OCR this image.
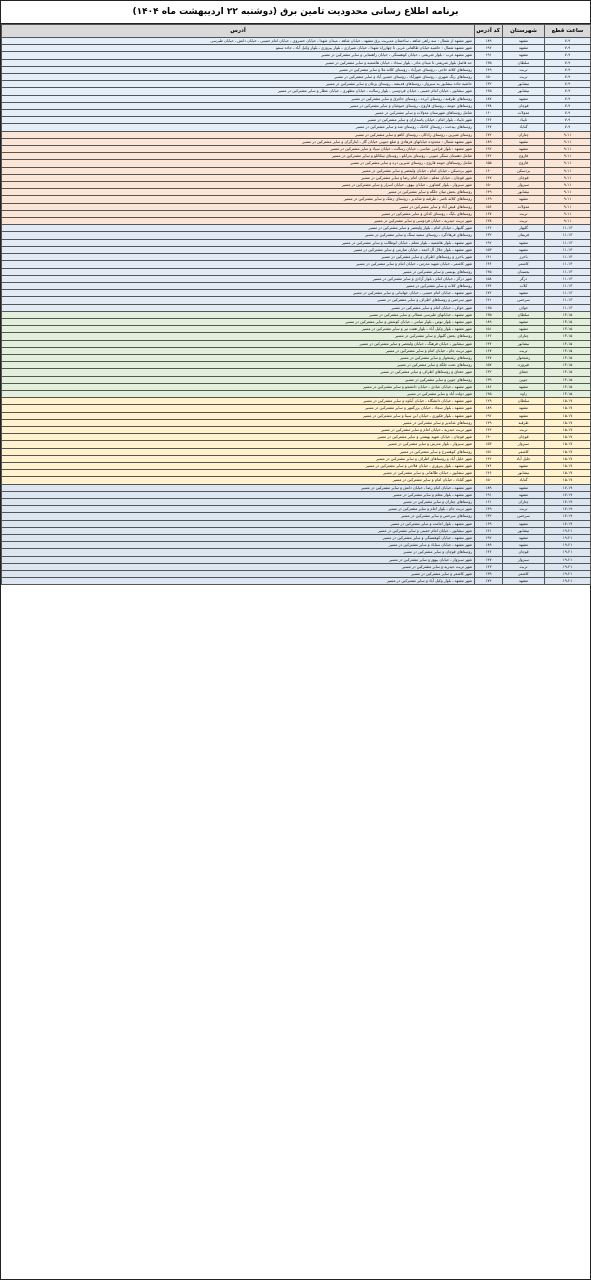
برنامه اطلاع رسانی محدودیت تامین برق (دوشنبه ۲۲ اردیبهشت ماه ۱۴۰۴)
ساعت قطع	شهرستان	کد آدرس	آدرس
۷-۹	مشهد	۱۸۹	شهر مشهد از شمال : سه راهی شاهد ـ ساختمان مدیریت برق مشهد ـ خیابان شاهد ـ میدان شهدا ـ خیابان خسروی ـ خیابان امام خمینی ـ خیابان دانش ـ خیابان طبرسی
۷-۹	مشهد	۱۹۲	شهر مشهد شمال : حاشیه خیابان طالقانی غربی تا چهارراه شهدا ـ خیابان شیرازی ـ بلوار پیروزی ـ بلوار وکیل آباد ـ جاده سنتو
۷-۹	مشهد	۱۹۱	شهر مشهد غرب : بلوار شریعتی ـ خیابان کوهسنگی ـ خیابان راهنمایی و سایر مشترکین در مسیر
۷-۹	سلطان	۱۳۵	حد فاصل بلوار شریعتی تا میدان مادر ـ بلوار سجاد ـ خیابان هاشمیه و سایر مشترکین در مسیر
۷-۹	تربت	۱۴۹	روستاهای کلاته حاجی ـ روستای خیرآباد ـ روستای کلاته ملا و سایر مشترکین در مسیر
۷-۹	تربت	۱۵۰	روستاهای زنگ شهری ـ روستای شهرآباد ـ روستای حسین آباد و سایر مشترکین در مسیر
۷-۹	نیشابور	۱۳۲	حاشیه جاده نیشابور به سبزوار ـ روستاهای فدیشه ـ روستای بزغان و سایر مشترکین در مسیر
۷-۹	نیشابور	۱۴۵	شهر نیشابور ـ خیابان امام خمینی ـ خیابان فردوسی ـ بلوار رسالت ـ خیابان مطهری ـ خیابان عطار و سایر مشترکین در مسیر
۷-۹	مشهد	۱۸۷	روستاهای طرقبه ـ روستای ابرده ـ روستای جاغرق و سایر مشترکین در مسیر
۷-۹	قوچان	۱۳۸	روستاهای حومه ـ روستای فاروج ـ روستای خبوشان و سایر مشترکین در مسیر
۷-۹	مه‌ولات	۱۶۰	شامل روستاهای شهرستان مه‌ولات و سایر مشترکین در مسیر
۷-۹	تایباد	۱۳۶	شهر تایباد ـ بلوار امام ـ خیابان پاسداران و سایر مشترکین در مسیر
۷-۹	گناباد	۱۴۷	روستاهای بیدخت ـ روستای کاخک ـ روستای مند و سایر مشترکین در مسیر
۹-۱۱	چناران	۱۷۲	روستای شیرین ـ روستای رادکان ـ روستای کاهو و سایر مشترکین در مسیر
۹-۱۱	مشهد	۱۸۹	شهر مشهد شمال : محدوده خیابانهای فرهادی و ضلع جنوبی خیابان گاز ـ ایثارگران و سایر مشترکین در مسیر
۹-۱۱	مشهد	۱۹۲	شهر مشهد : بلوار فرامرز عباسی ـ خیابان رسالت ـ خیابان سپاد و سایر مشترکین در مسیر
۹-۱۱	فاروج	۱۴۲	شامل دهستان سنگر جنوبی ـ روستای بدرانلو ـ روستای تیتکانلو و سایر مشترکین در مسیر
۹-۱۱	فاروج	۱۵۵	شامل روستاهای حومه فاروج ـ روستای شیرین دره و سایر مشترکین در مسیر
۹-۱۱	بردسکن	۱۶۰	شهر بردسکن ـ خیابان امام ـ خیابان ولیعصر و سایر مشترکین در مسیر
۹-۱۱	قوچان	۱۴۷	شهر قوچان ـ خیابان معلم ـ خیابان امام رضا و سایر مشترکین در مسیر
۹-۱۱	سبزوار	۱۵۰	شهر سبزوار ـ بلوار کشاورز ـ خیابان بیهق ـ خیابان اسرار و سایر مشترکین در مسیر
۹-۱۱	نیشابور	۱۴۹	روستاهای بخش میان جلگه و سایر مشترکین در مسیر
۹-۱۱	مشهد	۱۶۹	روستاهای کلاته ناصر ـ طرقبه و شاندیز ـ روستای زشک و سایر مشترکین در مسیر
۹-۱۱	مه‌ولات	۱۵۶	روستاهای فیض آباد و سایر مشترکین در مسیر
۹-۱۱	تربت	۱۶۷	روستاهای بایگ ـ روستای کدکن و سایر مشترکین در مسیر
۹-۱۱	تربت	۱۳۸	شهر تربت حیدریه ـ خیابان فردوسی و سایر مشترکین در مسیر
۱۱-۱۳	گلبهار	۱۶۲	شهر گلبهار ـ خیابان امام ـ بلوار ولیعصر و سایر مشترکین در مسیر
۱۱-۱۳	فریمان	۱۳۲	روستاهای فرهادگرد ـ روستای سفید سنگ و سایر مشترکین در مسیر
۱۱-۱۳	مشهد	۱۹۲	شهر مشهد ـ بلوار هاشمیه ـ بلوار معلم ـ خیابان ابوطالب و سایر مشترکین در مسیر
۱۱-۱۳	مشهد	۱۵۳	شهر مشهد ـ بلوار جلال آل احمد ـ خیابان صارمی و سایر مشترکین در مسیر
۱۱-۱۳	باخرز	۱۴۱	شهر باخرز و روستاهای اطراف و سایر مشترکین در مسیر
۱۱-۱۳	کاشمر	۱۳۶	شهر کاشمر ـ خیابان شهید مدرس ـ خیابان امام و سایر مشترکین در مسیر
۱۱-۱۳	بجستان	۱۴۵	روستاهای یونسی و سایر مشترکین در مسیر
۱۱-۱۳	درگز	۱۵۸	شهر درگز ـ خیابان امام ـ بلوار آزادی و سایر مشترکین در مسیر
۱۱-۱۳	کلات	۱۳۴	روستاهای کلات و سایر مشترکین در مسیر
۱۱-۱۳	مشهد	۱۷۲	شهر مشهد ـ خیابان امام خمینی ـ خیابان جهانبانی و سایر مشترکین در مسیر
۱۱-۱۳	سرخس	۱۴۱	شهر سرخس و روستاهای اطراف و سایر مشترکین در مسیر
۱۱-۱۳	خواف	۱۶۵	شهر خواف ـ خیابان امام و سایر مشترکین در مسیر
۱۳-۱۵	سلطان	۱۳۵	شهر مشهد ـ خیابانهای طبرسی شمالی و سایر مشترکین در مسیر
۱۳-۱۵	مشهد	۱۸۹	شهر مشهد ـ بلوار توس ـ بلوار میامی ـ خیابان کوشش و سایر مشترکین در مسیر
۱۳-۱۵	مشهد	۱۵۱	شهر مشهد ـ بلوار وکیل آباد ـ بلوار هفت تیر و سایر مشترکین در مسیر
۱۳-۱۵	چناران	۱۶۲	روستاهای بخش گلبهار و سایر مشترکین در مسیر
۱۳-۱۵	نیشابور	۱۴۴	شهر نیشابور ـ خیابان فرهنگ ـ خیابان ولیعصر و سایر مشترکین در مسیر
۱۳-۱۵	تربت	۱۶۷	شهر تربت جام ـ خیابان امام و سایر مشترکین در مسیر
۱۳-۱۵	رشتخوار	۱۴۷	روستاهای رشتخوار و سایر مشترکین در مسیر
۱۳-۱۵	فیروزه	۱۵۷	روستاهای تخت جلگه و سایر مشترکین در مسیر
۱۳-۱۵	جغتای	۱۳۲	شهر جغتای و روستاهای اطراف و سایر مشترکین در مسیر
۱۳-۱۵	جوین	۱۳۹	روستاهای جوین و سایر مشترکین در مسیر
۱۳-۱۵	مشهد	۱۸۶	شهر مشهد ـ خیابان عبادی ـ خیابان دانشجو و سایر مشترکین در مسیر
۱۳-۱۵	زاوه	۱۴۵	شهر دولت آباد و سایر مشترکین در مسیر
۱۵-۱۷	سلطان	۱۲۹	شهر مشهد ـ خیابان دانشگاه ـ خیابان آبکوه و سایر مشترکین در مسیر
۱۵-۱۷	مشهد	۱۸۹	شهر مشهد ـ بلوار سجاد ـ خیابان بزرگمهر و سایر مشترکین در مسیر
۱۵-۱۷	مشهد	۱۹۲	شهر مشهد ـ بلوار فکوری ـ خیابان ابن سینا و سایر مشترکین در مسیر
۱۵-۱۷	طرقبه	۱۴۹	روستاهای شاندیز و سایر مشترکین در مسیر
۱۵-۱۷	تربت	۱۳۶	شهر تربت حیدریه ـ خیابان امام و سایر مشترکین در مسیر
۱۵-۱۷	قوچان	۱۴۰	شهر قوچان ـ خیابان شهید بهشتی و سایر مشترکین در مسیر
۱۵-۱۷	سبزوار	۱۵۳	شهر سبزوار ـ بلوار مدرس و سایر مشترکین در مسیر
۱۵-۱۷	کاشمر	۱۵۱	روستاهای کوهسرخ و سایر مشترکین در مسیر
۱۵-۱۷	خلیل آباد	۱۴۲	شهر خلیل آباد و روستاهای اطراف و سایر مشترکین در مسیر
۱۵-۱۷	مشهد	۱۷۶	شهر مشهد ـ بلوار پیروزی ـ خیابان فلاحی و سایر مشترکین در مسیر
۱۵-۱۷	نیشابور	۱۴۶	شهر نیشابور ـ خیابان طالقانی و سایر مشترکین در مسیر
۱۵-۱۷	گناباد	۱۵۰	شهر گناباد ـ خیابان امام و سایر مشترکین در مسیر
۱۷-۱۹	مشهد	۱۸۹	شهر مشهد ـ خیابان امام رضا ـ خیابان دانش و سایر مشترکین در مسیر
۱۷-۱۹	مشهد	۱۹۱	شهر مشهد ـ بلوار معلم و سایر مشترکین در مسیر
۱۷-۱۹	چناران	۱۶۱	روستاهای چناران و سایر مشترکین در مسیر
۱۷-۱۹	تربت	۱۴۹	شهر تربت جام ـ بلوار امام و سایر مشترکین در مسیر
۱۷-۱۹	سرخس	۱۳۲	روستاهای سرخس و سایر مشترکین در مسیر
۱۷-۱۹	مشهد	۱۶۹	شهر مشهد ـ بلوار امامت و سایر مشترکین در مسیر
۱۹-۲۱	نیشابور	۱۴۱	شهر نیشابور ـ خیابان امام خمینی و سایر مشترکین در مسیر
۱۹-۲۱	مشهد	۱۹۲	شهر مشهد ـ خیابان کوهسنگی و سایر مشترکین در مسیر
۱۹-۲۱	مشهد	۱۸۹	شهر مشهد ـ خیابان سناباد و سایر مشترکین در مسیر
۱۹-۲۱	قوچان	۱۳۶	روستاهای قوچان و سایر مشترکین در مسیر
۱۹-۲۱	سبزوار	۱۴۷	شهر سبزوار ـ خیابان بیهق و سایر مشترکین در مسیر
۱۹-۲۱	تربت	۱۴۳	شهر تربت حیدریه و سایر مشترکین در مسیر
۱۹-۲۱	کاشمر	۱۳۹	شهر کاشمر و سایر مشترکین در مسیر
۱۹-۲۱	مشهد	۱۷۴	شهر مشهد ـ بلوار وکیل آباد و سایر مشترکین در مسیر
